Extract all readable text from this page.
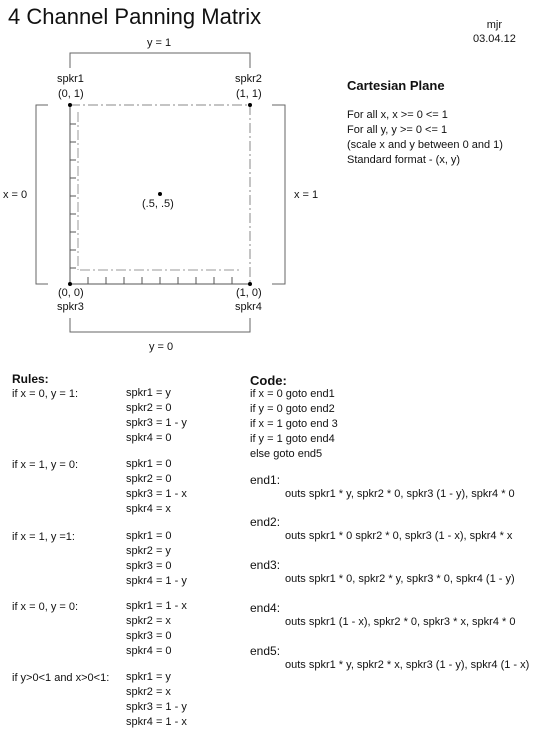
4 Channel Panning Matrix	mjr
03.04.12
y = 1
y = 0
x = 0	x = 1
spkr1
(0, 1)
spkr2
(1, 1)
(0, 0)
spkr3
(1, 0)
spkr4
(.5, .5)
Cartesian Plane
For all x, x >= 0 <= 1
For all y, y >= 0 <= 1
(scale x and y between 0 and 1)
Standard format - (x, y)
Rules:
if x = 0, y = 1:	spkr1 = y
spkr2 = 0
spkr3 = 1 - y
spkr4 = 0
if x = 1, y = 0:	spkr1 = 0
spkr2 = 0
spkr3 = 1 - x
spkr4 = x
if x = 1, y =1:	spkr1 = 0
spkr2 = y
spkr3 = 0
spkr4 = 1 - y
if x = 0, y = 0:	spkr1 = 1 - x
spkr2 = x
spkr3 = 0
spkr4 = 0
if y>0<1 and x>0<1: spkr1 = y
spkr2 = x
spkr3 = 1 - y
spkr4 = 1 - x
Code:
if x = 0 goto end1
if y = 0 goto end2
if x = 1 goto end 3
if y = 1 goto end4
else goto end5
end1:
outs spkr1 * y, spkr2 * 0, spkr3 (1 - y), spkr4 * 0
end2:
outs spkr1 * 0 spkr2 * 0, spkr3 (1 - x), spkr4 * x
end3:
outs spkr1 * 0, spkr2 * y, spkr3 * 0, spkr4 (1 - y)
end4:
outs spkr1 (1 - x), spkr2 * 0, spkr3 * x, spkr4 * 0
end5:
outs spkr1 * y, spkr2 * x, spkr3 (1 - y), spkr4 (1 - x)
